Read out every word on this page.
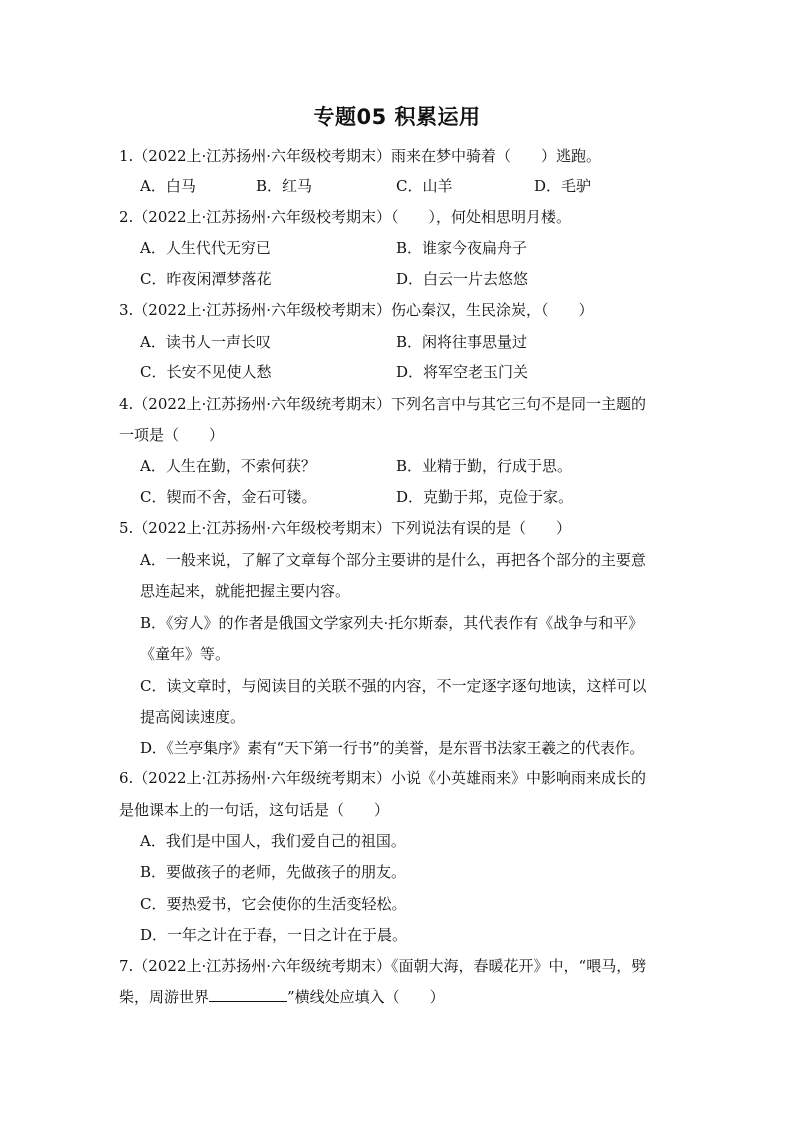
专题05 积累运用
1.（2022上·江苏扬州·六年级校考期末）雨来在梦中骑着（　　）逃跑。
A．白马	B．红马	C．山羊	D．毛驴
2.（2022上·江苏扬州·六年级校考期末）（　　），何处相思明月楼。
A．人生代代无穷已	B．谁家今夜扁舟子
C．昨夜闲潭梦落花	D．白云一片去悠悠
3.（2022上·江苏扬州·六年级校考期末）伤心秦汉，生民涂炭，（　　）
A．读书人一声长叹	B．闲将往事思量过
C．长安不见使人愁	D．将军空老玉门关
4.（2022上·江苏扬州·六年级统考期末）下列名言中与其它三句不是同一主题的
一项是（　　）
A．人生在勤，不索何获？	B．业精于勤，行成于思。
C．锲而不舍，金石可镂。	D．克勤于邦，克俭于家。
5.（2022上·江苏扬州·六年级校考期末）下列说法有误的是（　　）
A．一般来说，了解了文章每个部分主要讲的是什么，再把各个部分的主要意
思连起来，就能把握主要内容。
B．《穷人》的作者是俄国文学家列夫·托尔斯泰，其代表作有《战争与和平》
《童年》等。
C．读文章时，与阅读目的关联不强的内容，不一定逐字逐句地读，这样可以
提高阅读速度。
D．《兰亭集序》素有“天下第一行书”的美誉，是东晋书法家王羲之的代表作。
6.（2022上·江苏扬州·六年级统考期末）小说《小英雄雨来》中影响雨来成长的
是他课本上的一句话，这句话是（　　）
A．我们是中国人，我们爱自己的祖国。
B．要做孩子的老师，先做孩子的朋友。
C．要热爱书，它会使你的生活变轻松。
D．一年之计在于春，一日之计在于晨。
7.（2022上·江苏扬州·六年级统考期末）《面朝大海，春暖花开》中，“喂马，劈
柴，周游世界	”横线处应填入（　　）
